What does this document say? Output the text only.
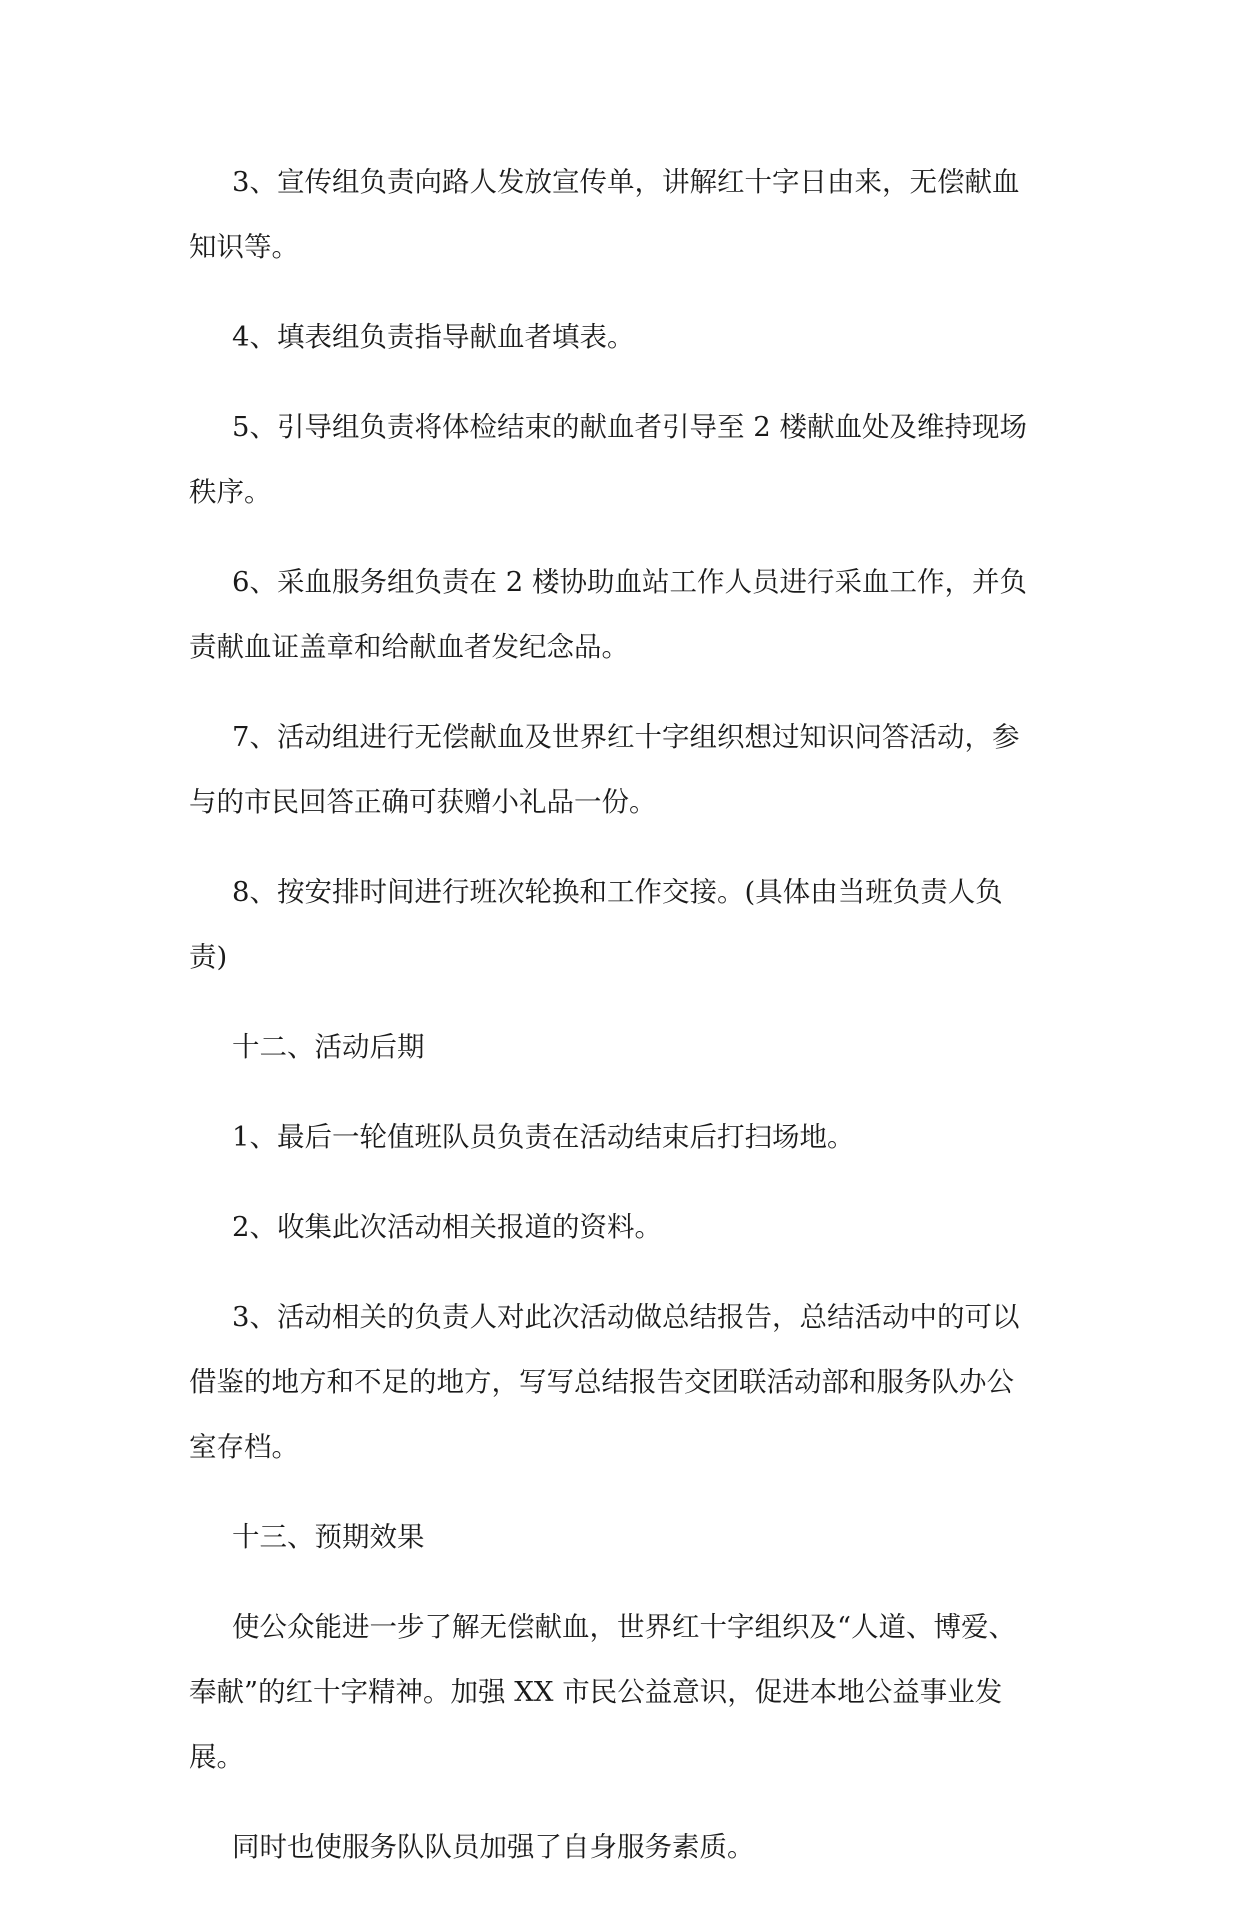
3、宣传组负责向路人发放宣传单，讲解红十字日由来，无偿献血
知识等。
4、填表组负责指导献血者填表。
5、引导组负责将体检结束的献血者引导至 2 楼献血处及维持现场
秩序。
6、采血服务组负责在 2 楼协助血站工作人员进行采血工作，并负
责献血证盖章和给献血者发纪念品。
7、活动组进行无偿献血及世界红十字组织想过知识问答活动，参
与的市民回答正确可获赠小礼品一份。
8、按安排时间进行班次轮换和工作交接。(具体由当班负责人负
责)
十二、活动后期
1、最后一轮值班队员负责在活动结束后打扫场地。
2、收集此次活动相关报道的资料。
3、活动相关的负责人对此次活动做总结报告，总结活动中的可以
借鉴的地方和不足的地方，写写总结报告交团联活动部和服务队办公
室存档。
十三、预期效果
使公众能进一步了解无偿献血，世界红十字组织及“人道、博爱、
奉献”的红十字精神。加强 XX 市民公益意识，促进本地公益事业发
展。
同时也使服务队队员加强了自身服务素质。
